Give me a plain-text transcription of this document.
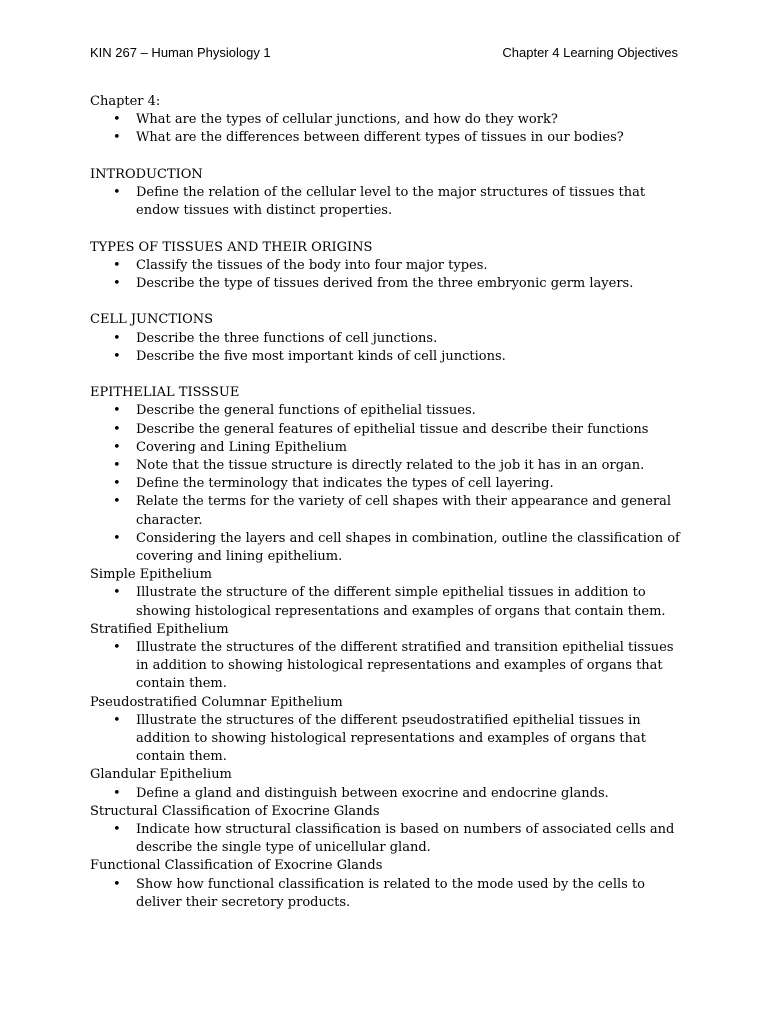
KIN 267 – Human Physiology 1	Chapter 4 Learning Objectives
Chapter 4:
• What are the types of cellular junctions, and how do they work?
• What are the differences between different types of tissues in our bodies?
INTRODUCTION
• Define the relation of the cellular level to the major structures of tissues that endow tissues with distinct properties.
TYPES OF TISSUES AND THEIR ORIGINS
• Classify the tissues of the body into four major types.
• Describe the type of tissues derived from the three embryonic germ layers.
CELL JUNCTIONS
• Describe the three functions of cell junctions.
• Describe the five most important kinds of cell junctions.
EPITHELIAL TISSSUE
• Describe the general functions of epithelial tissues.
• Describe the general features of epithelial tissue and describe their functions
• Covering and Lining Epithelium
• Note that the tissue structure is directly related to the job it has in an organ.
• Define the terminology that indicates the types of cell layering.
• Relate the terms for the variety of cell shapes with their appearance and general character.
• Considering the layers and cell shapes in combination, outline the classification of covering and lining epithelium.
Simple Epithelium
• Illustrate the structure of the different simple epithelial tissues in addition to showing histological representations and examples of organs that contain them.
Stratified Epithelium
• Illustrate the structures of the different stratified and transition epithelial tissues in addition to showing histological representations and examples of organs that contain them.
Pseudostratified Columnar Epithelium
• Illustrate the structures of the different pseudostratified epithelial tissues in addition to showing histological representations and examples of organs that contain them.
Glandular Epithelium
• Define a gland and distinguish between exocrine and endocrine glands.
Structural Classification of Exocrine Glands
• Indicate how structural classification is based on numbers of associated cells and describe the single type of unicellular gland.
Functional Classification of Exocrine Glands
• Show how functional classification is related to the mode used by the cells to deliver their secretory products.
